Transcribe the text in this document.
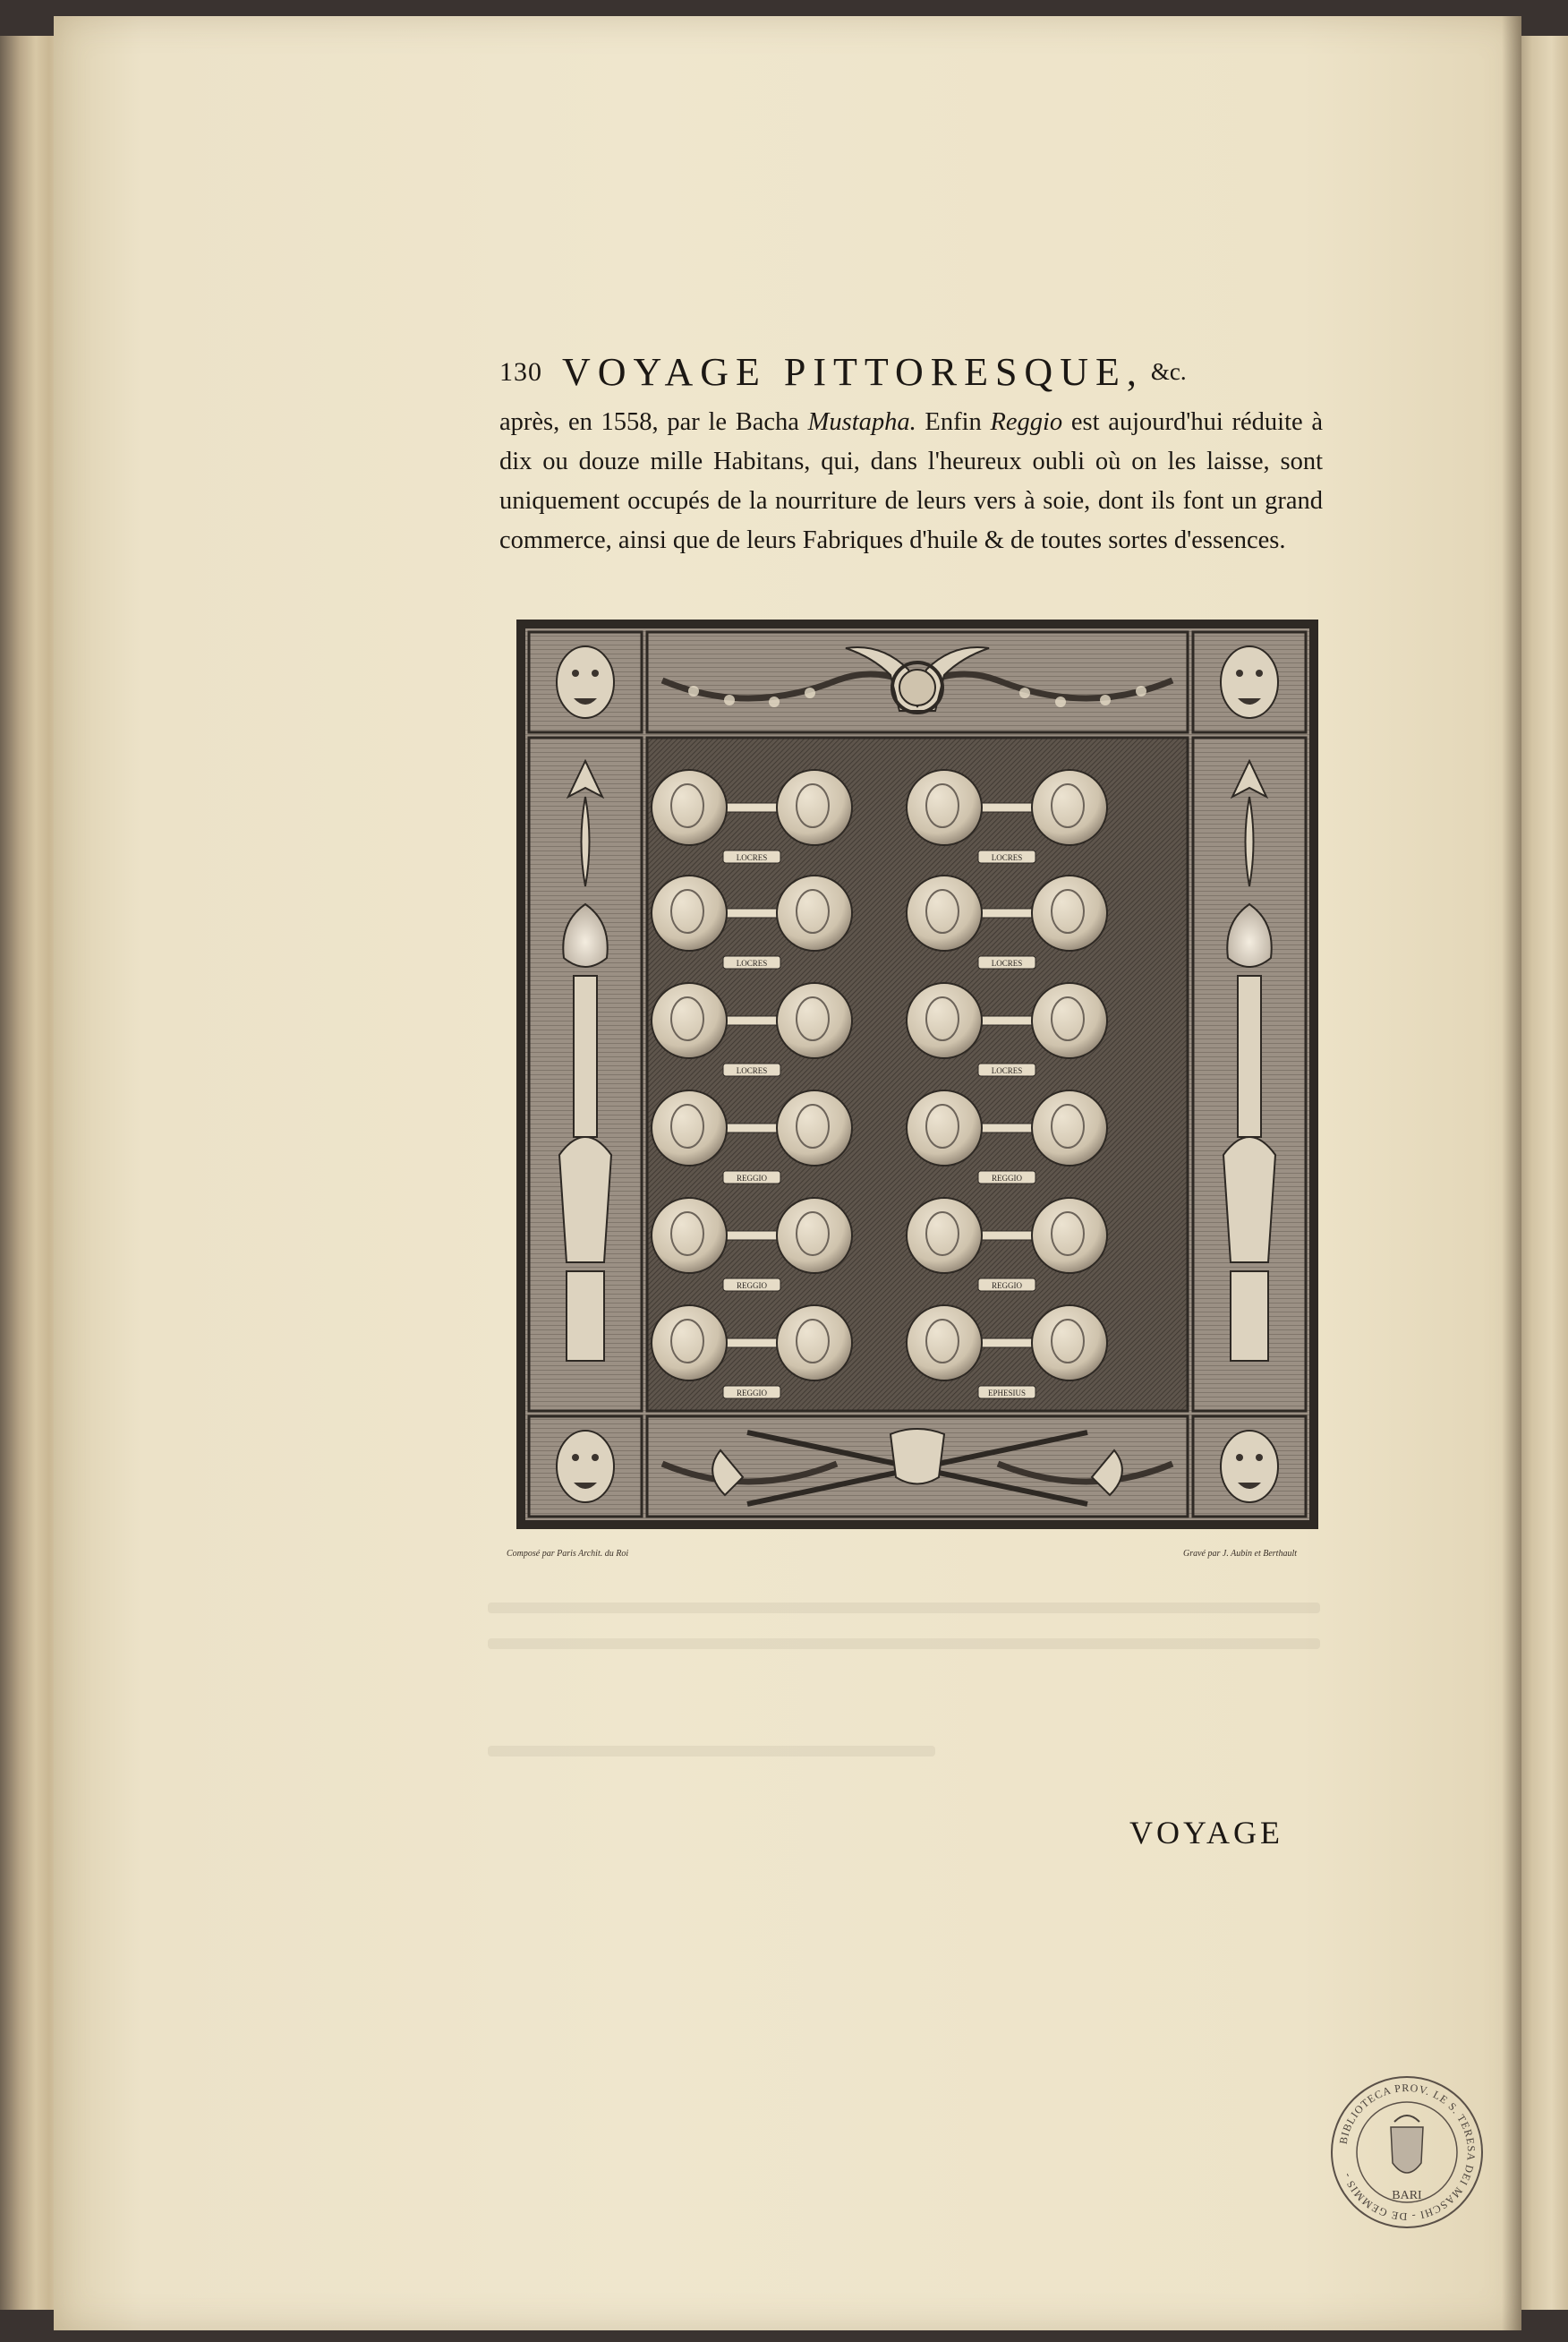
130 VOYAGE PITTORESQUE, &c.
après, en 1558, par le Bacha Mustapha. Enfin Reggio est aujourd'hui réduite à
dix ou douze mille Habitans, qui, dans l'heureux oubli où on les laisse, sont
uniquement occupés de la nourriture de leurs vers à soie, dont ils font un grand
commerce, ainsi que de leurs Fabriques d'huile & de toutes sortes d'essences.
LOCRES	LOCRES
LOCRES	LOCRES
LOCRES	LOCRES
REGGIO	REGGIO
REGGIO	REGGIO
REGGIO	EPHESIUS
Composé par Paris Archit. du Roi	Gravé par J. Aubin et Berthault
VOYAGE
BIBLIOTECA PROV. LE S. TERESA DEI MASCHI - DE GEMMIS -
BARI
